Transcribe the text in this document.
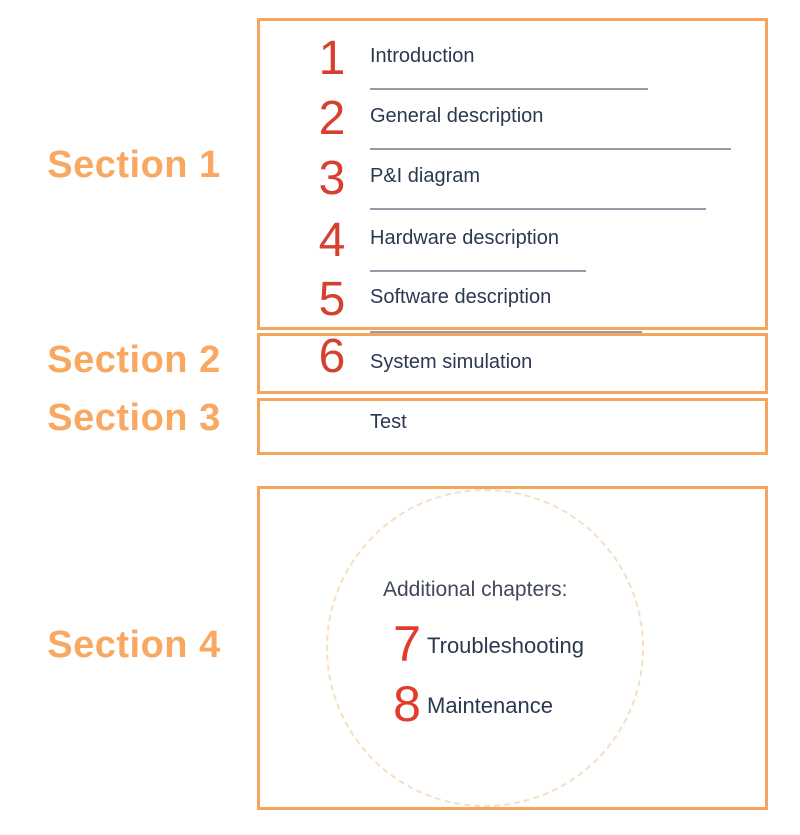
Section 1
Section 2
Section 3
Section 4
1	Introduction
2	General description
3	P&I diagram
4	Hardware description
5	Software description
6	System simulation
Test
Additional chapters:
7 Troubleshooting
8 Maintenance
